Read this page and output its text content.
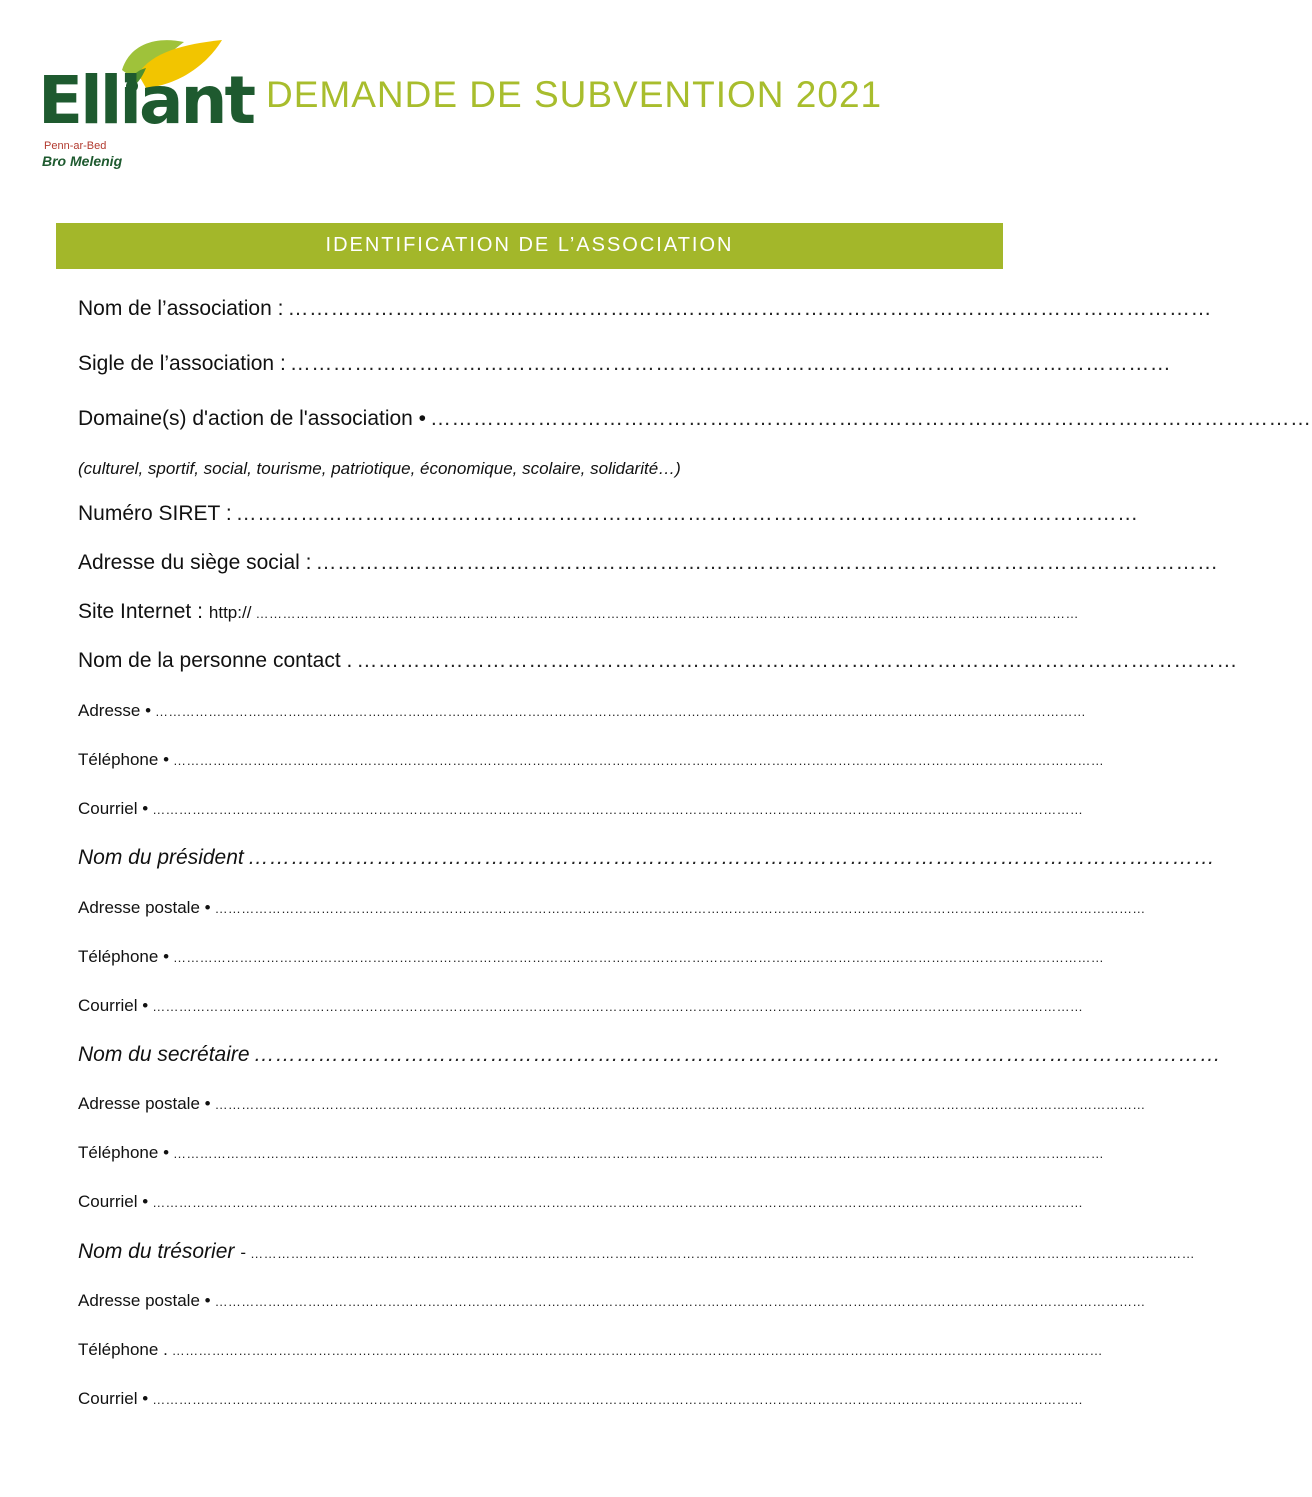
Elliant
Penn-ar-Bed
Bro Melenig
DEMANDE DE SUBVENTION 2021
IDENTIFICATION DE L’ASSOCIATION
Nom de l’association : …………………………………………………………………………………………………………………
Sigle de l’association : ……………………………………………………………………………………………………………
Domaine(s) d'action de l'association • ……………………………………………………………………………………………………………
(culturel, sportif, social, tourisme, patriotique, économique, scolaire, solidarité…)
Numéro SIRET : ………………………………………………………………………………………………………………
Adresse du siège social : ………………………………………………………………………………………………………………
Site Internet : http:// …………………………………………………………………………………………………………………………………………………………………
Nom de la personne contact . ……………………………………………………………………………………………………………
Adresse • …………………………………………………………………………………………………………………………………………………………………………………………
Téléphone • …………………………………………………………………………………………………………………………………………………………………………………………
Courriel • …………………………………………………………………………………………………………………………………………………………………………………………
Nom du président ………………………………………………………………………………………………………………………
Adresse postale • …………………………………………………………………………………………………………………………………………………………………………………………
Téléphone • …………………………………………………………………………………………………………………………………………………………………………………………
Courriel • …………………………………………………………………………………………………………………………………………………………………………………………
Nom du secrétaire ………………………………………………………………………………………………………………………
Adresse postale • …………………………………………………………………………………………………………………………………………………………………………………………
Téléphone • …………………………………………………………………………………………………………………………………………………………………………………………
Courriel • …………………………………………………………………………………………………………………………………………………………………………………………
Nom du trésorier - …………………………………………………………………………………………………………………………………………………………………………………………
Adresse postale • …………………………………………………………………………………………………………………………………………………………………………………………
Téléphone . …………………………………………………………………………………………………………………………………………………………………………………………
Courriel • …………………………………………………………………………………………………………………………………………………………………………………………
